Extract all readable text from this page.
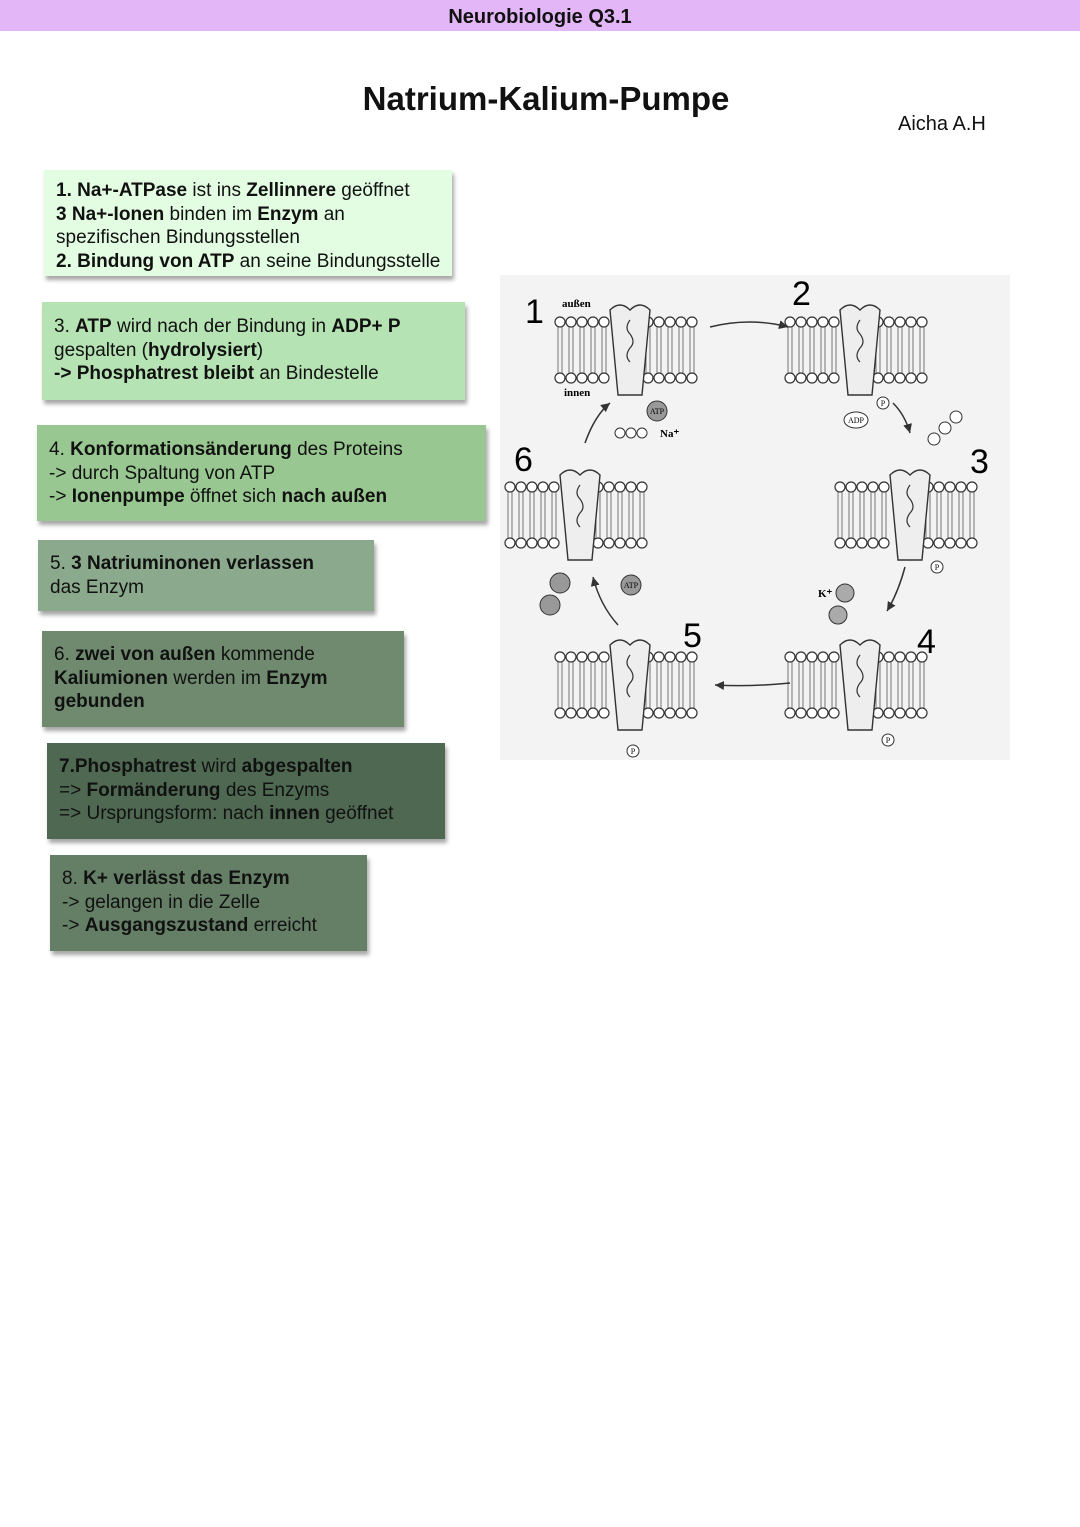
Neurobiologie Q3.1
Natrium-Kalium-Pumpe
Aicha A.H
1. Na+-ATPase ist ins Zellinnere geöffnet
3 Na+-Ionen binden im Enzym an
spezifischen Bindungsstellen
2. Bindung von ATP an seine Bindungsstelle
3. ATP wird nach der Bindung in ADP+ P
gespalten (hydrolysiert)
-> Phosphatrest bleibt an Bindestelle
4. Konformationsänderung des Proteins
-> durch Spaltung von ATP
-> Ionenpumpe öffnet sich nach außen
5. 3 Natriuminonen verlassen
das Enzym
6. zwei von außen kommende
Kaliumionen werden im Enzym
gebunden
7.Phosphatrest wird abgespalten
=> Formänderung des Enzyms
=> Ursprungsform: nach innen geöffnet
8. K+ verlässt das Enzym
-> gelangen in die Zelle
-> Ausgangszustand erreicht
1	2
3
4
5
6
außen
innen
ATP
Na⁺
ADP
ATP
P
P
P
P
K⁺
